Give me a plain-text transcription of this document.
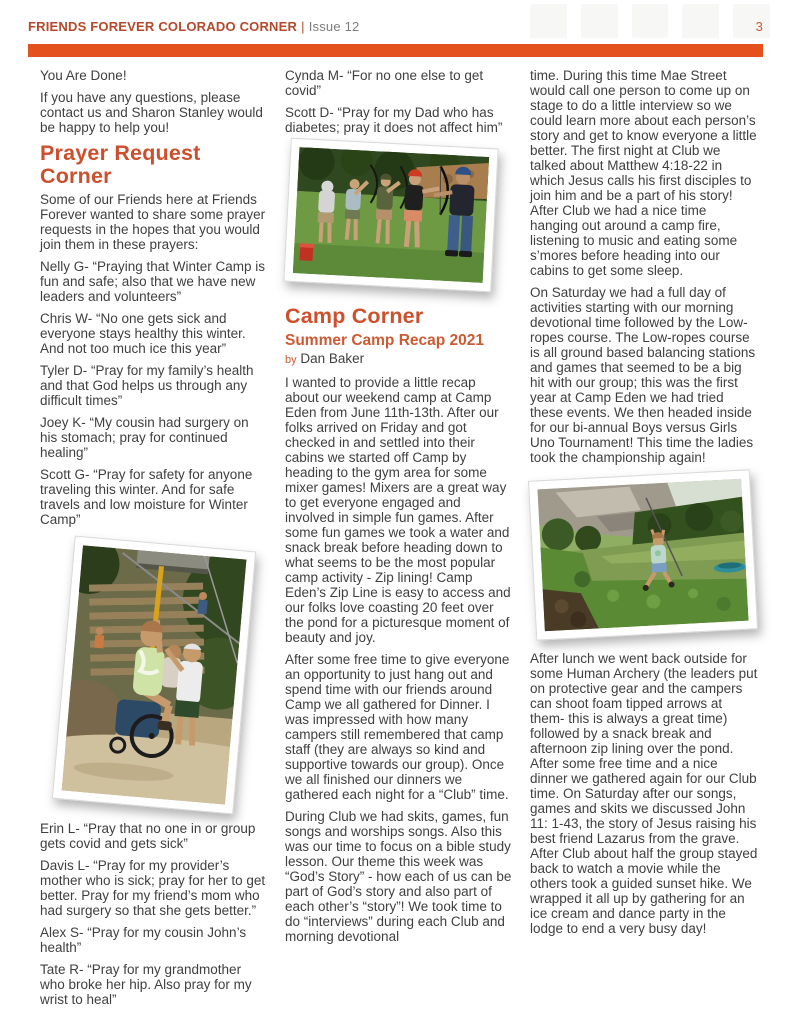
FRIENDS FOREVER COLORADO CORNER | Issue 12	3

You Are Done!

If you have any questions, please contact us and Sharon Stanley would be happy to help you!

Prayer Request Corner

Some of our Friends here at Friends Forever wanted to share some prayer requests in the hopes that you would join them in these prayers:

Nelly G- “Praying that Winter Camp is fun and safe; also that we have new leaders and volunteers”

Chris W- “No one gets sick and everyone stays healthy this winter. And not too much ice this year”

Tyler D- “Pray for my family’s health and that God helps us through any difficult times”

Joey K- “My cousin had surgery on his stomach; pray for continued healing”

Scott G- “Pray for safety for anyone traveling this winter. And for safe travels and low moisture for Winter Camp”

Erin L- “Pray that no one in or group gets covid and gets sick”

Davis L- “Pray for my provider’s mother who is sick; pray for her to get better. Pray for my friend’s mom who had surgery so that she gets better.”

Alex S- “Pray for my cousin John’s health”

Tate R- “Pray for my grandmother who broke her hip. Also pray for my wrist to heal”

Cynda M- “For no one else to get covid”

Scott D- “Pray for my Dad who has diabetes; pray it does not affect him”

Camp Corner
Summer Camp Recap 2021

by Dan Baker

I wanted to provide a little recap about our weekend camp at Camp Eden from June 11th-13th. After our folks arrived on Friday and got checked in and settled into their cabins we started off Camp by heading to the gym area for some mixer games! Mixers are a great way to get everyone engaged and involved in simple fun games. After some fun games we took a water and snack break before heading down to what seems to be the most popular camp activity - Zip lining! Camp Eden’s Zip Line is easy to access and our folks love coasting 20 feet over the pond for a picturesque moment of beauty and joy.

After some free time to give everyone an opportunity to just hang out and spend time with our friends around Camp we all gathered for Dinner. I was impressed with how many campers still remembered that camp staff (they are always so kind and supportive towards our group). Once we all finished our dinners we gathered each night for a “Club” time.

During Club we had skits, games, fun songs and worships songs. Also this was our time to focus on a bible study lesson. Our theme this week was “God’s Story” - how each of us can be part of God’s story and also part of each other’s “story”! We took time to do “interviews” during each Club and morning devotional

time. During this time Mae Street would call one person to come up on stage to do a little interview so we could learn more about each person’s story and get to know everyone a little better. The first night at Club we talked about Matthew 4:18-22 in which Jesus calls his first disciples to join him and be a part of his story! After Club we had a nice time hanging out around a camp fire, listening to music and eating some s’mores before heading into our cabins to get some sleep.

On Saturday we had a full day of activities starting with our morning devotional time followed by the Low-ropes course. The Low-ropes course is all ground based balancing stations and games that seemed to be a big hit with our group; this was the first year at Camp Eden we had tried these events. We then headed inside for our bi-annual Boys versus Girls Uno Tournament! This time the ladies took the championship again!

After lunch we went back outside for some Human Archery (the leaders put on protective gear and the campers can shoot foam tipped arrows at them- this is always a great time) followed by a snack break and afternoon zip lining over the pond. After some free time and a nice dinner we gathered again for our Club time. On Saturday after our songs, games and skits we discussed John 11: 1-43, the story of Jesus raising his best friend Lazarus from the grave. After Club about half the group stayed back to watch a movie while the others took a guided sunset hike. We wrapped it all up by gathering for an ice cream and dance party in the lodge to end a very busy day!
